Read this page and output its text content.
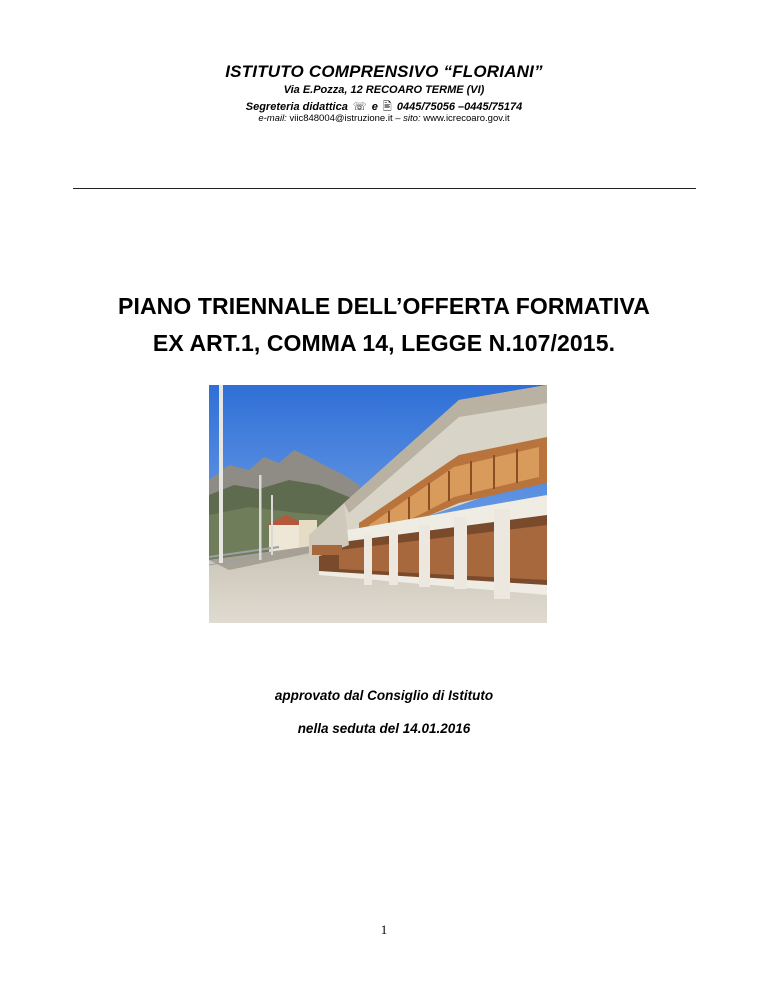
ISTITUTO COMPRENSIVO “FLORIANI”
Via E.Pozza, 12 RECOARO TERME (VI)
Segreteria didattica ☏ e 🖹 0445/75056 –0445/75174
e-mail: viic848004@istruzione.it – sito: www.icrecoaro.gov.it
PIANO TRIENNALE DELL’OFFERTA FORMATIVA
EX ART.1, COMMA 14, LEGGE N.107/2015.
approvato dal Consiglio di Istituto
nella seduta del 14.01.2016
1
